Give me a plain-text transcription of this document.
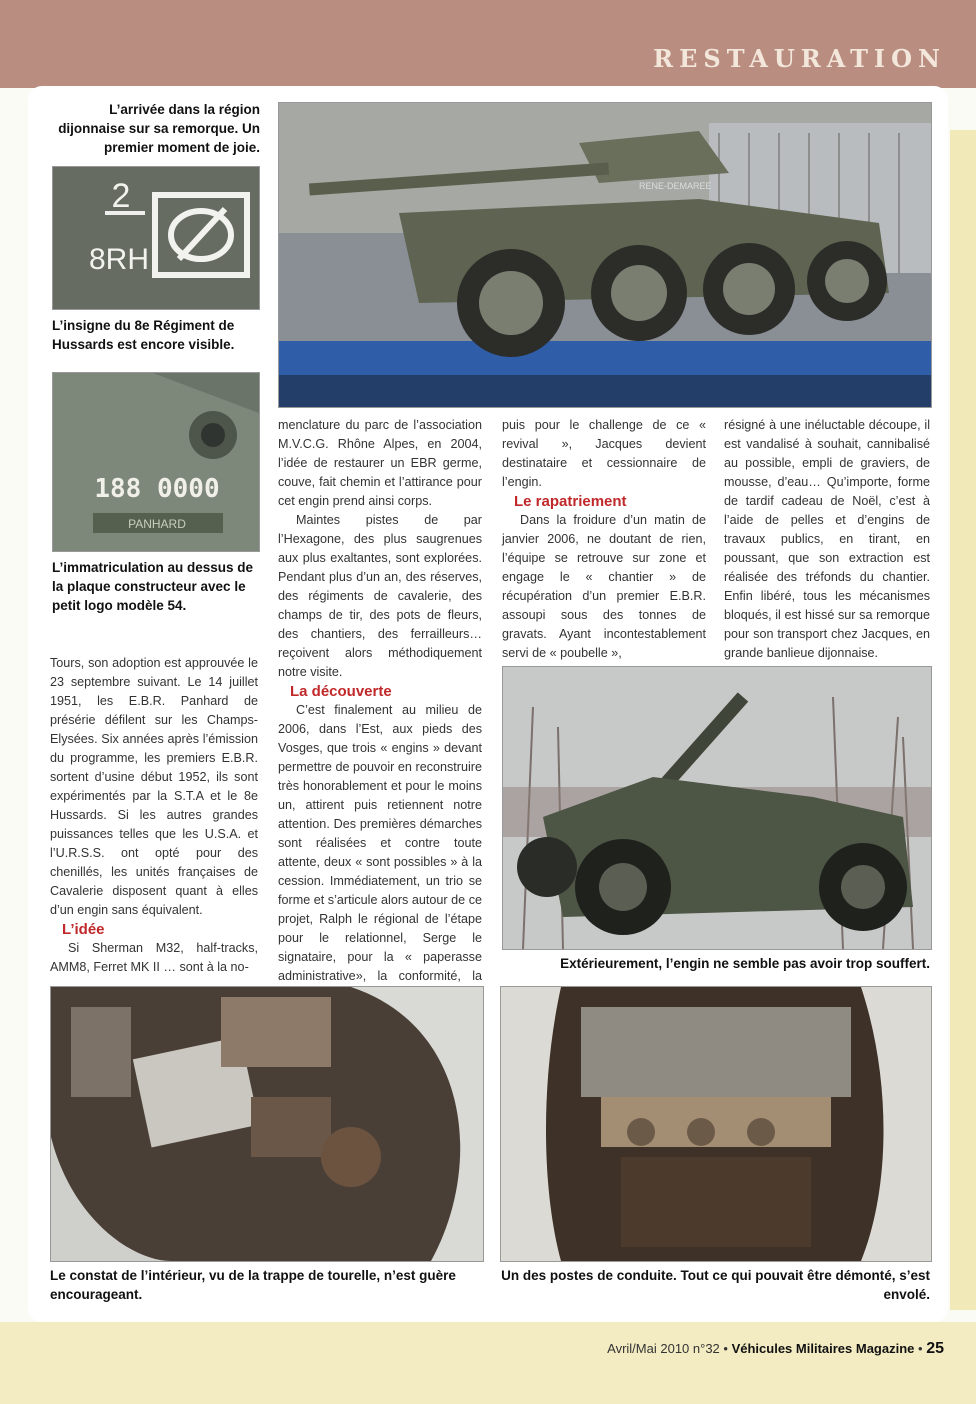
RESTAURATION
L’arrivée dans la région dijonnaise sur sa remorque. Un premier moment de joie.
2
8RH
L’insigne du 8e Régiment de Hussards est encore visible.
188 0000
PANHARD
L’immatriculation au dessus de la plaque constructeur avec le petit logo modèle 54.
RENE-DEMAREE

Tours, son adoption est approuvée le 23 septembre suivant. Le 14 juillet 1951, les E.B.R. Panhard de présérie défilent sur les Champs-Elysées. Six années après l’émission du programme, les premiers E.B.R. sortent d’usine début 1952, ils sont expérimentés par la S.T.A et le 8e Hussards. Si les autres grandes puissances telles que les U.S.A. et l’U.R.S.S. ont opté pour des chenillés, les unités françaises de Cavalerie disposent quant à elles d’un engin sans équivalent.

L’idée

Si Sherman M32, half-tracks, AMM8, Ferret MK II … sont à la no-

menclature du parc de l’association M.V.C.G. Rhône Alpes, en 2004, l’idée de restaurer un EBR germe, couve, fait chemin et l’attirance pour cet engin prend ainsi corps.

Maintes pistes de par l’Hexagone, des plus saugrenues aux plus exaltantes, sont explorées. Pendant plus d’un an, des réserves, des régiments de cavalerie, des champs de tir, des pots de fleurs, des chantiers, des ferrailleurs… reçoivent alors méthodiquement notre visite.

La découverte

C’est finalement au milieu de 2006, dans l’Est, aux pieds des Vosges, que trois « engins » devant permettre de pouvoir en reconstruire très honorablement et pour le moins un, attirent puis retiennent notre attention. Des premières démarches sont réalisées et contre toute attente, deux « sont possibles » à la cession. Immédiatement, un trio se forme et s’articule alors autour de ce projet, Ralph le régional de l’étape pour le relationnel, Serge le signataire, pour la « paperasse administrative», la conformité, la

puis pour le challenge de ce « revival », Jacques devient destinataire et cessionnaire de l’engin.

Le rapatriement

Dans la froidure d’un matin de janvier 2006, ne doutant de rien, l’équipe se retrouve sur zone et engage le « chantier » de récupération d’un premier E.B.R. assoupi sous des tonnes de gravats. Ayant incontestablement servi de « poubelle »,

résigné à une inéluctable découpe, il est vandalisé à souhait, cannibalisé au possible, empli de graviers, de mousse, d’eau… Qu’importe, forme de tardif cadeau de Noël, c’est à l’aide de pelles et d’engins de travaux publics, en tirant, en poussant, que son extraction est réalisée des tréfonds du chantier. Enfin libéré, tous les mécanismes bloqués, il est hissé sur sa remorque pour son transport chez Jacques, en grande banlieue dijonnaise.

Extérieurement, l’engin ne semble pas avoir trop souffert.
Le constat de l’intérieur, vu de la trappe de tourelle, n’est guère encourageant.
Un des postes de conduite. Tout ce qui pouvait être démonté, s’est envolé.
Avril/Mai 2010 n°32 • Véhicules Militaires Magazine • 25
